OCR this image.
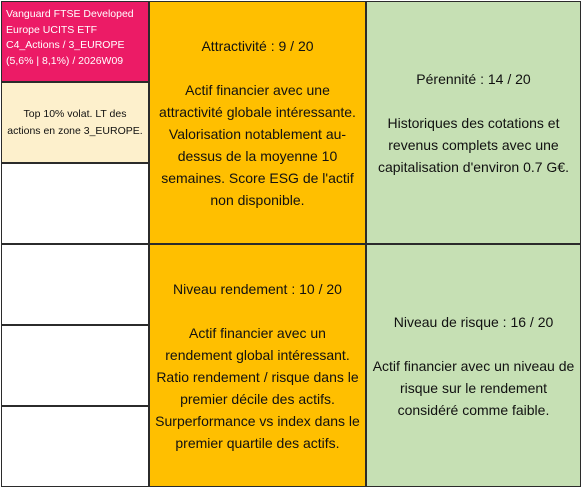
Vanguard FTSE Developed
Europe UCITS ETF
C4_Actions / 3_EUROPE
(5,6% | 8,1%) / 2026W09
Top 10% volat. LT des
actions en zone 3_EUROPE.
Attractivité : 9 / 20
Actif financier avec une
attractivité globale intéressante.
Valorisation notablement au-
dessus de la moyenne 10
semaines. Score ESG de l'actif
non disponible.
Pérennité : 14 / 20
Historiques des cotations et
revenus complets avec une
capitalisation d'environ 0.7 G€.
Niveau rendement : 10 / 20
Actif financier avec un
rendement global intéressant.
Ratio rendement / risque dans le
premier décile des actifs.
Surperformance vs index dans le
premier quartile des actifs.
Niveau de risque : 16 / 20
Actif financier avec un niveau de
risque sur le rendement
considéré comme faible.
